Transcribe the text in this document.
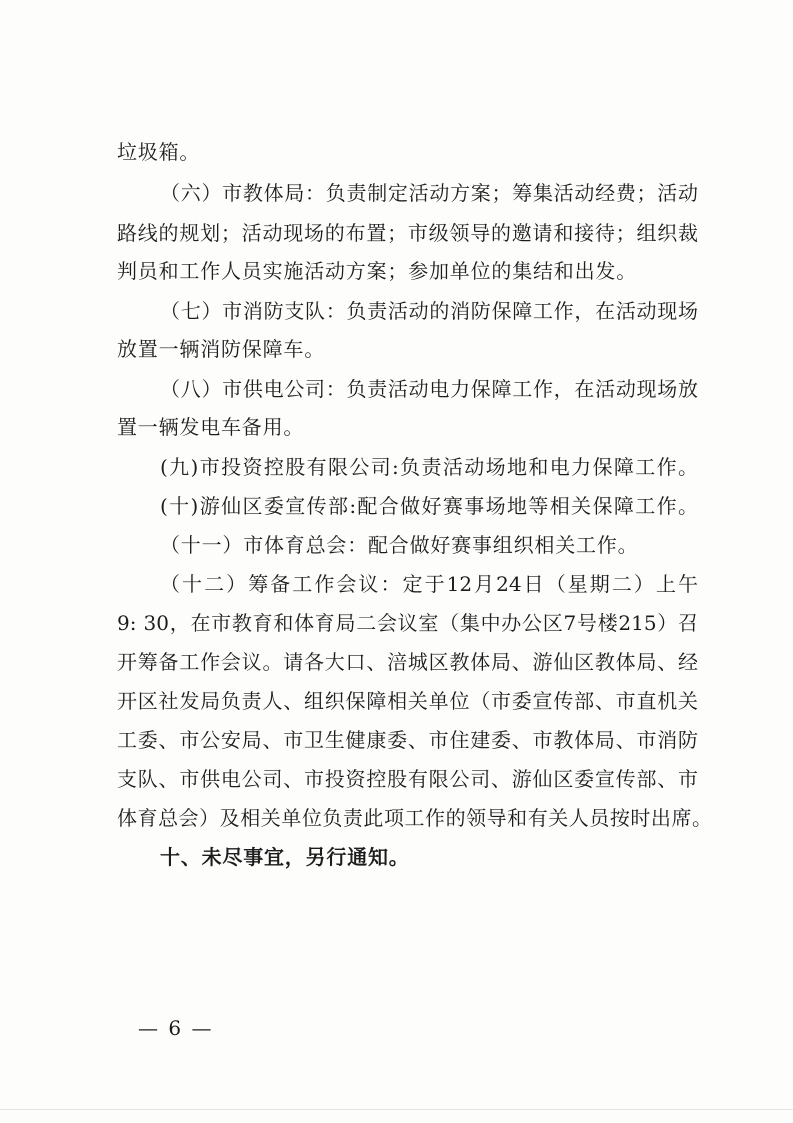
垃圾箱。
（六）市教体局：负责制定活动方案；筹集活动经费；活动
路线的规划；活动现场的布置；市级领导的邀请和接待；组织裁
判员和工作人员实施活动方案；参加单位的集结和出发。
（七）市消防支队：负责活动的消防保障工作，在活动现场
放置一辆消防保障车。
（八）市供电公司：负责活动电力保障工作，在活动现场放
置一辆发电车备用。
(九)市投资控股有限公司:负责活动场地和电力保障工作。
(十)游仙区委宣传部:配合做好赛事场地等相关保障工作。
（十一）市体育总会：配合做好赛事组织相关工作。
（十二）筹备工作会议：定于12月24日（星期二）上午
9: 30，在市教育和体育局二会议室（集中办公区7号楼215）召
开筹备工作会议。请各大口、涪城区教体局、游仙区教体局、经
开区社发局负责人、组织保障相关单位（市委宣传部、市直机关
工委、市公安局、市卫生健康委、市住建委、市教体局、市消防
支队、市供电公司、市投资控股有限公司、游仙区委宣传部、市
体育总会）及相关单位负责此项工作的领导和有关人员按时出席。
十、未尽事宜，另行通知。
— 6 —
